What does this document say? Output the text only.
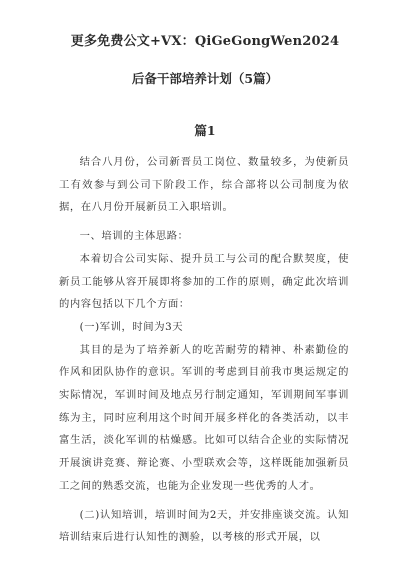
更多免费公文+VX：QiGeGongWen2024
后备干部培养计划（5篇）
篇1

结合八月份，公司新晋员工岗位、数量较多，为使新员工有效参与到公司下阶段工作，综合部将以公司制度为依据，在八月份开展新员工入职培训。

一、培训的主体思路：

本着切合公司实际、提升员工与公司的配合默契度，使新员工能够从容开展即将参加的工作的原则，确定此次培训的内容包括以下几个方面：

(一)军训，时间为3天

其目的是为了培养新人的吃苦耐劳的精神、朴素勤俭的作风和团队协作的意识。军训的考虑到目前我市奥运规定的实际情况，军训时间及地点另行制定通知，军训期间军事训练为主，同时应利用这个时间开展多样化的各类活动，以丰富生活，淡化军训的枯燥感。比如可以结合企业的实际情况开展演讲竞赛、辩论赛、小型联欢会等，这样既能加强新员工之间的熟悉交流，也能为企业发现一些优秀的人才。

(二)认知培训，培训时间为2天，并安排座谈交流。认知培训结束后进行认知性的测验，以考核的形式开展，以
